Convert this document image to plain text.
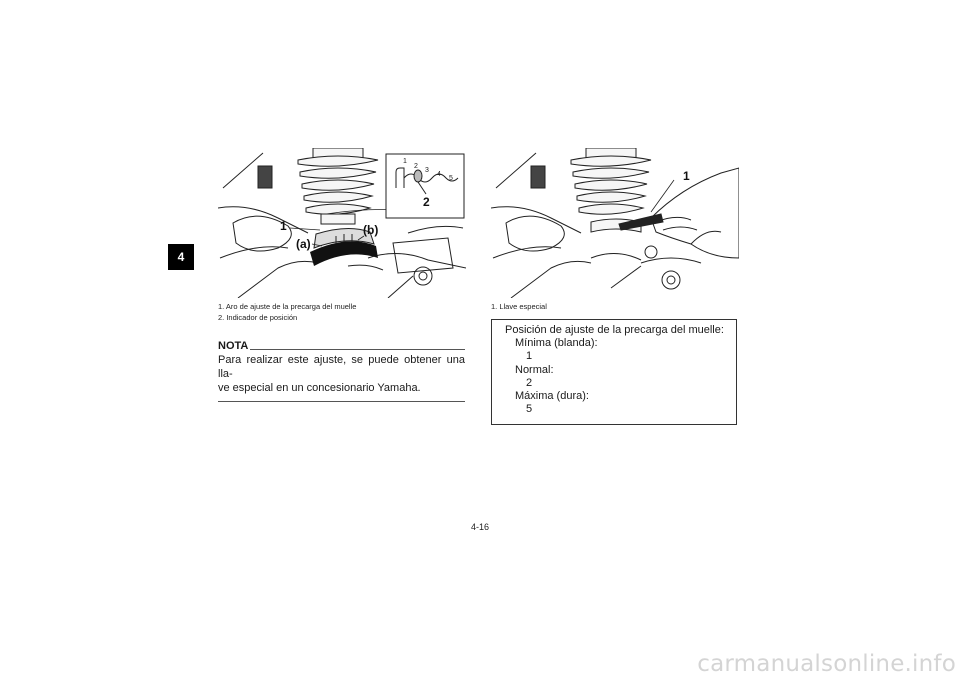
4
1
2
3
4
5
2
1
(a)
(b)
1
1. Aro de ajuste de la precarga del muelle
2. Indicador de posición
1. Llave especial
NOTA
Para realizar este ajuste, se puede obtener una lla-
ve especial en un concesionario Yamaha.
Posición de ajuste de la precarga del muelle:
Mínima (blanda):
1
Normal:
2
Máxima (dura):
5
4-16
carmanualsonline.info
